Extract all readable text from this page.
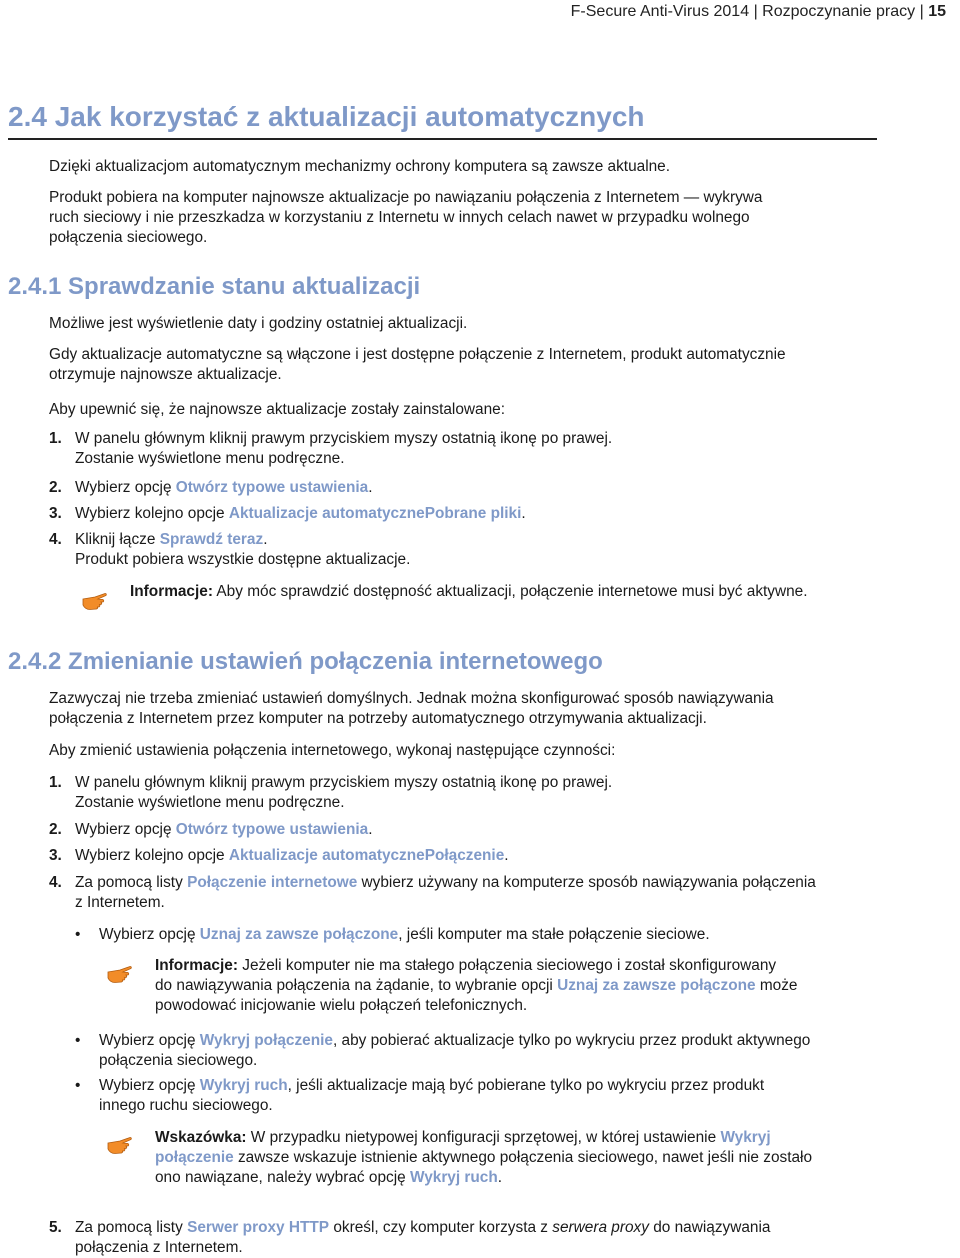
F-Secure Anti-Virus 2014 | Rozpoczynanie pracy | 15
2.4 Jak korzystać z aktualizacji automatycznych
Dzięki aktualizacjom automatycznym mechanizmy ochrony komputera są zawsze aktualne.
Produkt pobiera na komputer najnowsze aktualizacje po nawiązaniu połączenia z Internetem — wykrywa
ruch sieciowy i nie przeszkadza w korzystaniu z Internetu w innych celach nawet w przypadku wolnego
połączenia sieciowego.
2.4.1 Sprawdzanie stanu aktualizacji
Możliwe jest wyświetlenie daty i godziny ostatniej aktualizacji.
Gdy aktualizacje automatyczne są włączone i jest dostępne połączenie z Internetem, produkt automatycznie
otrzymuje najnowsze aktualizacje.
Aby upewnić się, że najnowsze aktualizacje zostały zainstalowane:
1. W panelu głównym kliknij prawym przyciskiem myszy ostatnią ikonę po prawej.
Zostanie wyświetlone menu podręczne.
2. Wybierz opcję Otwórz typowe ustawienia.
3. Wybierz kolejno opcje Aktualizacje automatycznePobrane pliki.
4. Kliknij łącze Sprawdź teraz.
Produkt pobiera wszystkie dostępne aktualizacje.
Informacje: Aby móc sprawdzić dostępność aktualizacji, połączenie internetowe musi być aktywne.
2.4.2 Zmienianie ustawień połączenia internetowego
Zazwyczaj nie trzeba zmieniać ustawień domyślnych. Jednak można skonfigurować sposób nawiązywania
połączenia z Internetem przez komputer na potrzeby automatycznego otrzymywania aktualizacji.
Aby zmienić ustawienia połączenia internetowego, wykonaj następujące czynności:
1. W panelu głównym kliknij prawym przyciskiem myszy ostatnią ikonę po prawej.
Zostanie wyświetlone menu podręczne.
2. Wybierz opcję Otwórz typowe ustawienia.
3. Wybierz kolejno opcje Aktualizacje automatycznePołączenie.
4. Za pomocą listy Połączenie internetowe wybierz używany na komputerze sposób nawiązywania połączenia
z Internetem.
• Wybierz opcję Uznaj za zawsze połączone, jeśli komputer ma stałe połączenie sieciowe.
Informacje: Jeżeli komputer nie ma stałego połączenia sieciowego i został skonfigurowany
do nawiązywania połączenia na żądanie, to wybranie opcji Uznaj za zawsze połączone może
powodować inicjowanie wielu połączeń telefonicznych.
• Wybierz opcję Wykryj połączenie, aby pobierać aktualizacje tylko po wykryciu przez produkt aktywnego
połączenia sieciowego.
• Wybierz opcję Wykryj ruch, jeśli aktualizacje mają być pobierane tylko po wykryciu przez produkt
innego ruchu sieciowego.
Wskazówka: W przypadku nietypowej konfiguracji sprzętowej, w której ustawienie Wykryj
połączenie zawsze wskazuje istnienie aktywnego połączenia sieciowego, nawet jeśli nie zostało
ono nawiązane, należy wybrać opcję Wykryj ruch.
5. Za pomocą listy Serwer proxy HTTP określ, czy komputer korzysta z serwera proxy do nawiązywania
połączenia z Internetem.
